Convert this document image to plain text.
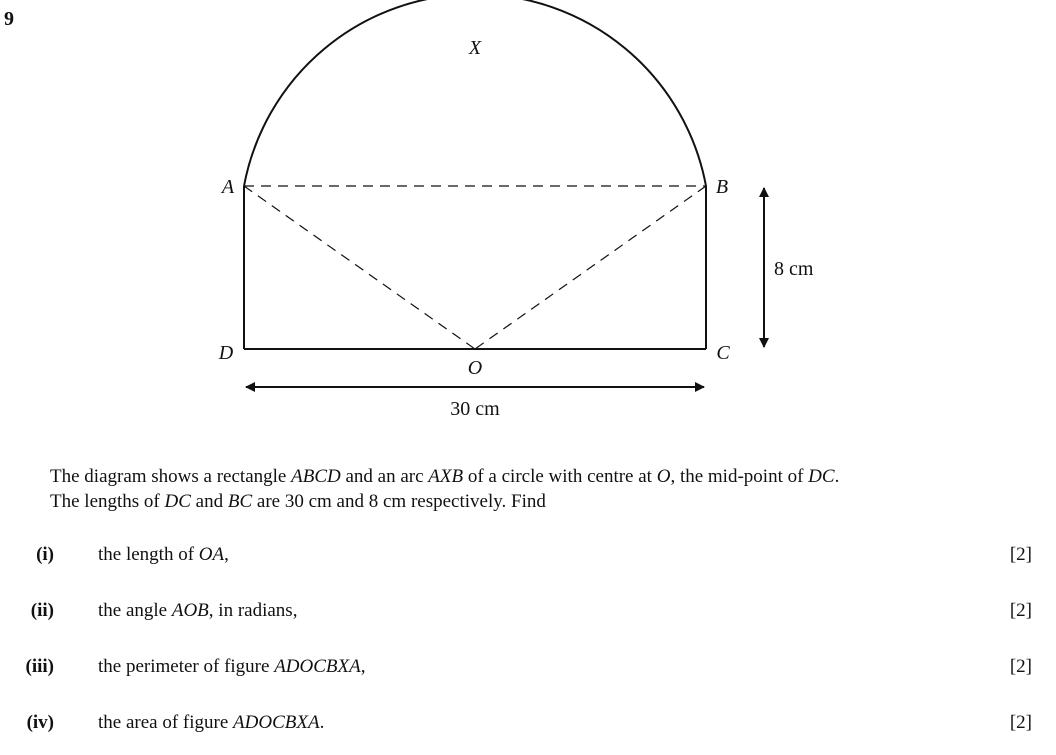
9
X
A	B
D	C
O
8 cm
30 cm
The diagram shows a rectangle ABCD and an arc AXB of a circle with centre at O, the mid-point of DC.
The lengths of DC and BC are 30 cm and 8 cm respectively. Find
(i) the length of OA,	[2]
(ii) the angle AOB, in radians,	[2]
(iii) the perimeter of figure ADOCBXA,	[2]
(iv) the area of figure ADOCBXA.	[2]
